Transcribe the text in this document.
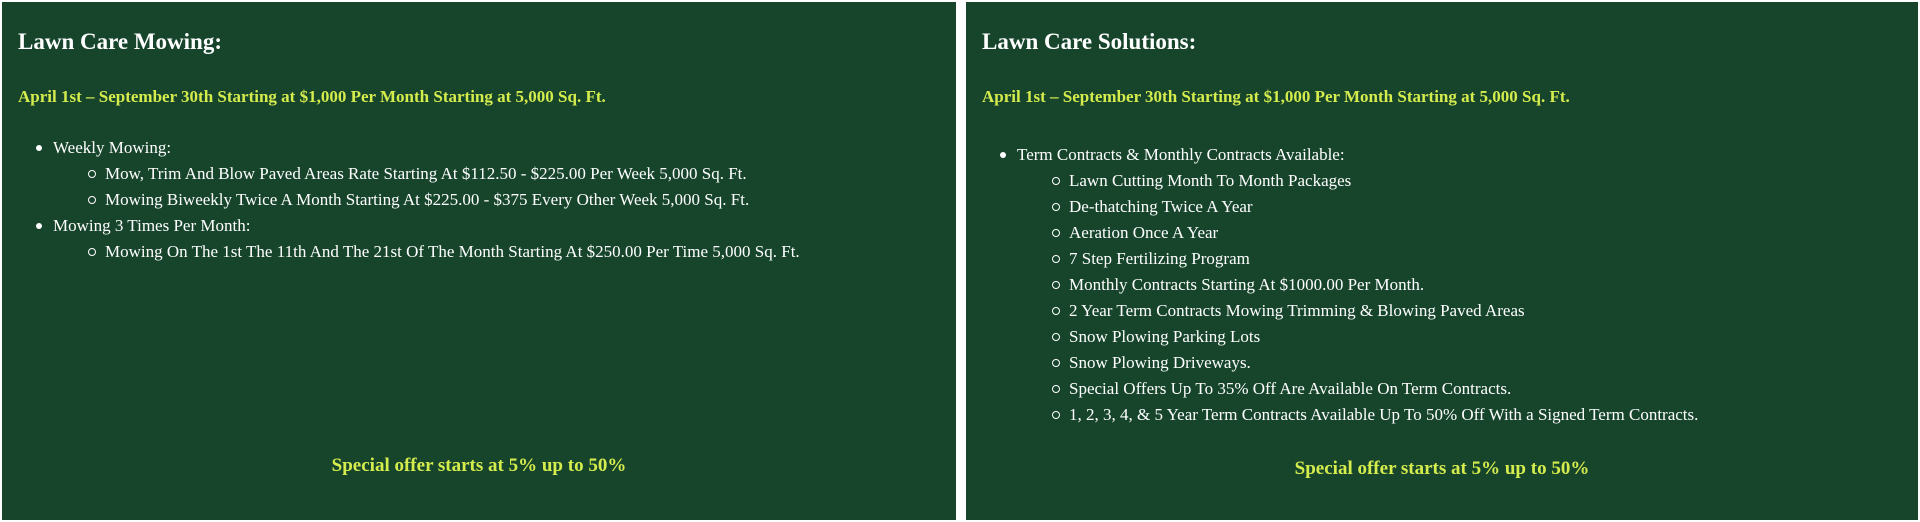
Lawn Care Mowing:

April 1st – September 30th Starting at $1,000 Per Month Starting at 5,000 Sq. Ft.

Weekly Mowing:
Mow, Trim And Blow Paved Areas Rate Starting At $112.50 - $225.00 Per Week 5,000 Sq. Ft.
Mowing Biweekly Twice A Month Starting At $225.00 - $375 Every Other Week 5,000 Sq. Ft.
Mowing 3 Times Per Month:
Mowing On The 1st The 11th And The 21st Of The Month Starting At $250.00 Per Time 5,000 Sq. Ft.

Special offer starts at 5% up to 50%

Lawn Care Solutions:

April 1st – September 30th Starting at $1,000 Per Month Starting at 5,000 Sq. Ft.

Term Contracts & Monthly Contracts Available:
Lawn Cutting Month To Month Packages
De-thatching Twice A Year
Aeration Once A Year
7 Step Fertilizing Program
Monthly Contracts Starting At $1000.00 Per Month.
2 Year Term Contracts Mowing Trimming & Blowing Paved Areas
Snow Plowing Parking Lots
Snow Plowing Driveways.
Special Offers Up To 35% Off Are Available On Term Contracts.
1, 2, 3, 4, & 5 Year Term Contracts Available Up To 50% Off With a Signed Term Contracts.

Special offer starts at 5% up to 50%
